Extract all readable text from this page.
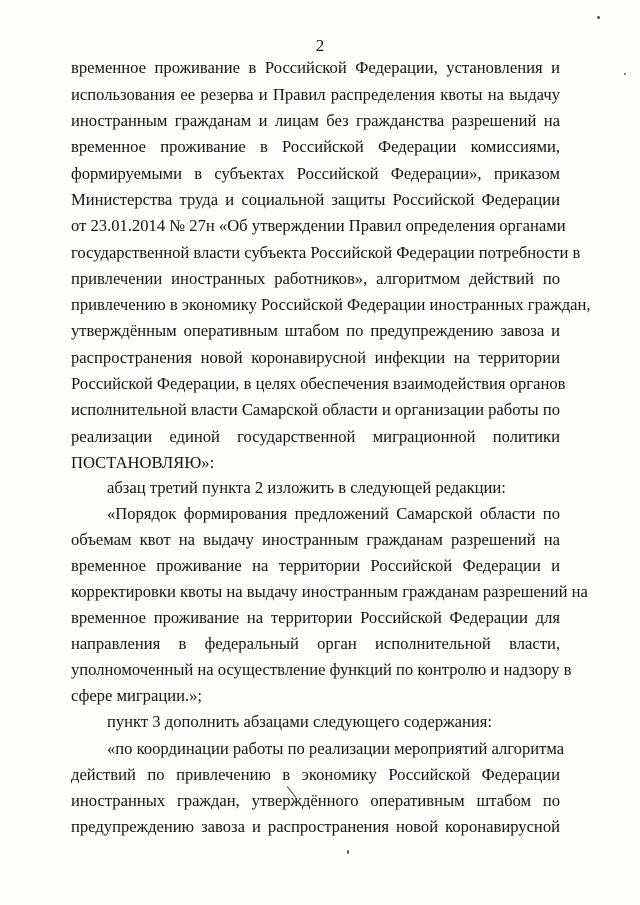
2
временное проживание в Российской Федерации, установления и
использования ее резерва и Правил распределения квоты на выдачу
иностранным гражданам и лицам без гражданства разрешений на
временное проживание в Российской Федерации комиссиями,
формируемыми в субъектах Российской Федерации», приказом
Министерства труда и социальной защиты Российской Федерации
от 23.01.2014 № 27н «Об утверждении Правил определения органами
государственной власти субъекта Российской Федерации потребности в
привлечении иностранных работников», алгоритмом действий по
привлечению в экономику Российской Федерации иностранных граждан,
утверждённым оперативным штабом по предупреждению завоза и
распространения новой коронавирусной инфекции на территории
Российской Федерации, в целях обеспечения взаимодействия органов
исполнительной власти Самарской области и организации работы по
реализации единой государственной миграционной политики
ПОСТАНОВЛЯЮ»:
абзац третий пункта 2 изложить в следующей редакции:
«Порядок формирования предложений Самарской области по
объемам квот на выдачу иностранным гражданам разрешений на
временное проживание на территории Российской Федерации и
корректировки квоты на выдачу иностранным гражданам разрешений на
временное проживание на территории Российской Федерации для
направления в федеральный орган исполнительной власти,
уполномоченный на осуществление функций по контролю и надзору в
сфере миграции.»;
пункт 3 дополнить абзацами следующего содержания:
«по координации работы по реализации мероприятий алгоритма
действий по привлечению в экономику Российской Федерации
иностранных граждан, утверждённого оперативным штабом по
предупреждению завоза и распространения новой коронавирусной
